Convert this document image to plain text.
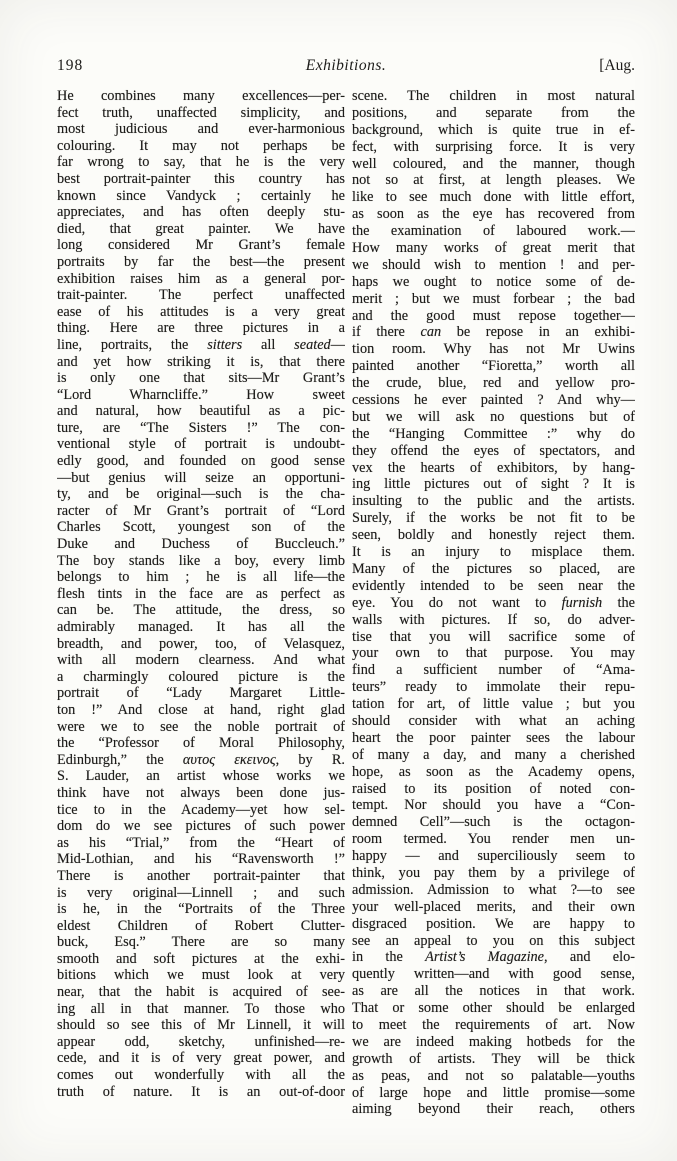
198	Exhibitions.	[Aug.
He combines many excellences—per-
fect truth, unaffected simplicity, and
most judicious and ever-harmonious
colouring. It may not perhaps be
far wrong to say, that he is the very
best portrait-painter this country has
known since Vandyck ; certainly he
appreciates, and has often deeply stu-
died, that great painter. We have
long considered Mr Grant’s female
portraits by far the best—the present
exhibition raises him as a general por-
trait-painter. The perfect unaffected
ease of his attitudes is a very great
thing. Here are three pictures in a
line, portraits, the sitters all seated—
and yet how striking it is, that there
is only one that sits—Mr Grant’s
“Lord Wharncliffe.” How sweet
and natural, how beautiful as a pic-
ture, are “The Sisters !” The con-
ventional style of portrait is undoubt-
edly good, and founded on good sense
—but genius will seize an opportuni-
ty, and be original—such is the cha-
racter of Mr Grant’s portrait of “Lord
Charles Scott, youngest son of the
Duke and Duchess of Buccleuch.”
The boy stands like a boy, every limb
belongs to him ; he is all life—the
flesh tints in the face are as perfect as
can be. The attitude, the dress, so
admirably managed. It has all the
breadth, and power, too, of Velasquez,
with all modern clearness. And what
a charmingly coloured picture is the
portrait of “Lady Margaret Little-
ton !” And close at hand, right glad
were we to see the noble portrait of
the “Professor of Moral Philosophy,
Edinburgh,” the αυτος εκεινος, by R.
S. Lauder, an artist whose works we
think have not always been done jus-
tice to in the Academy—yet how sel-
dom do we see pictures of such power
as his “Trial,” from the “Heart of
Mid-Lothian, and his “Ravensworth !”
There is another portrait-painter that
is very original—Linnell ; and such
is he, in the “Portraits of the Three
eldest Children of Robert Clutter-
buck, Esq.” There are so many
smooth and soft pictures at the exhi-
bitions which we must look at very
near, that the habit is acquired of see-
ing all in that manner. To those who
should so see this of Mr Linnell, it will
appear odd, sketchy, unfinished—re-
cede, and it is of very great power, and
comes out wonderfully with all the
truth of nature. It is an out-of-door
scene. The children in most natural
positions, and separate from the
background, which is quite true in ef-
fect, with surprising force. It is very
well coloured, and the manner, though
not so at first, at length pleases. We
like to see much done with little effort,
as soon as the eye has recovered from
the examination of laboured work.—
How many works of great merit that
we should wish to mention ! and per-
haps we ought to notice some of de-
merit ; but we must forbear ; the bad
and the good must repose together—
if there can be repose in an exhibi-
tion room. Why has not Mr Uwins
painted another “Fioretta,” worth all
the crude, blue, red and yellow pro-
cessions he ever painted ? And why—
but we will ask no questions but of
the “Hanging Committee :” why do
they offend the eyes of spectators, and
vex the hearts of exhibitors, by hang-
ing little pictures out of sight ? It is
insulting to the public and the artists.
Surely, if the works be not fit to be
seen, boldly and honestly reject them.
It is an injury to misplace them.
Many of the pictures so placed, are
evidently intended to be seen near the
eye. You do not want to furnish the
walls with pictures. If so, do adver-
tise that you will sacrifice some of
your own to that purpose. You may
find a sufficient number of “Ama-
teurs” ready to immolate their repu-
tation for art, of little value ; but you
should consider with what an aching
heart the poor painter sees the labour
of many a day, and many a cherished
hope, as soon as the Academy opens,
raised to its position of noted con-
tempt. Nor should you have a “Con-
demned Cell”—such is the octagon-
room termed. You render men un-
happy — and superciliously seem to
think, you pay them by a privilege of
admission. Admission to what ?—to see
your well-placed merits, and their own
disgraced position. We are happy to
see an appeal to you on this subject
in the Artist’s Magazine, and elo-
quently written—and with good sense,
as are all the notices in that work.
That or some other should be enlarged
to meet the requirements of art. Now
we are indeed making hotbeds for the
growth of artists. They will be thick
as peas, and not so palatable—youths
of large hope and little promise—some
aiming beyond their reach, others
